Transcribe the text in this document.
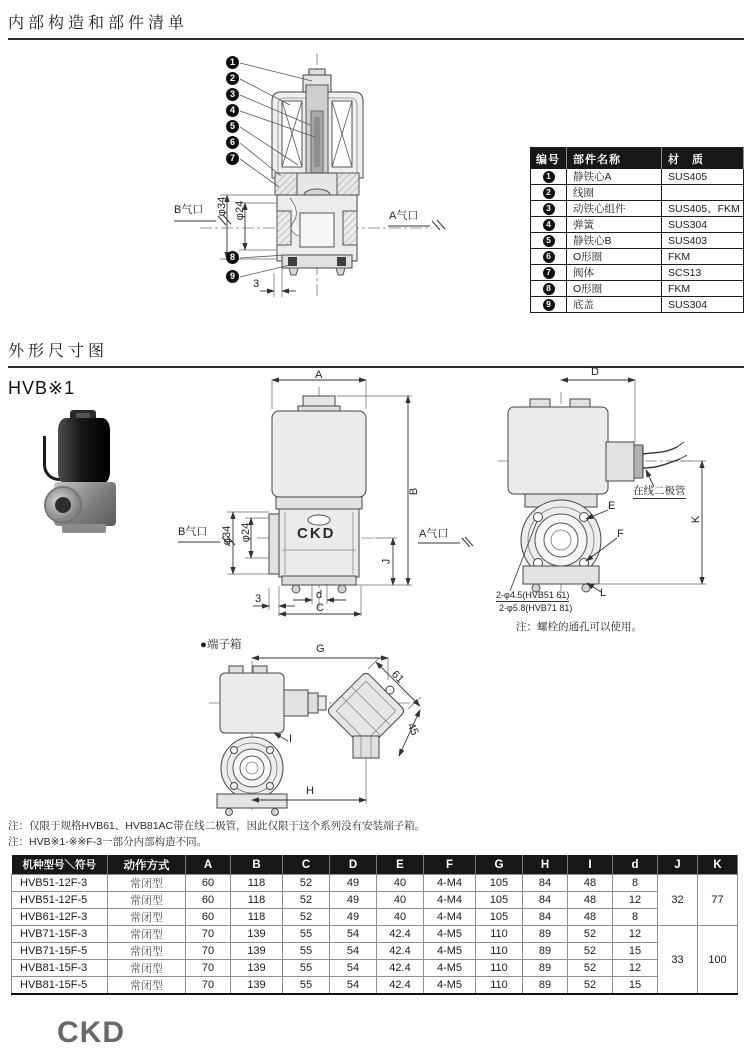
内部构造和部件清单
1
2
3
4
5
6
7
8
9
B气口	A气口
φ34 φ24
3
编号	部件名称	材　质
1	静铁心A	SUS405
2	线圈	
3	动铁心组件	SUS405、FKM
4	弹簧	SUS304
5	静铁心B	SUS403
6	O形圈	FKM
7	阀体	SCS13
8	O形圈	FKM
9	底盖	SUS304
外形尺寸图
HVB※1
A
B
J
B气口	A气口
φ34 φ24
d
C
3
CKD
D
E
F
K
L
在线二极管
2-φ4.5(HVB51 61)
2-φ5.8(HVB71 81)
注：螺栓的通孔可以使用。
●端子箱	G
H
I
61
45
注：仅限于规格HVB61、HVB81AC带在线二极管，因此仅限于这个系列没有安装端子箱。
注：HVB※1-※※F-3一部分内部构造不同。
机种型号＼符号	动作方式	A	B	C	D	E	F	G	H	I	d	J	K
HVB51-12F-3	常闭型	60	118	52	49	40	4-M4	105	84	48	8	32	77
HVB51-12F-5	常闭型	60	118	52	49	40	4-M4	105	84	48	12		
HVB61-12F-3	常闭型	60	118	52	49	40	4-M4	105	84	48	8		
HVB71-15F-3	常闭型	70	139	55	54	42.4	4-M5	110	89	52	12	33	100
HVB71-15F-5	常闭型	70	139	55	54	42.4	4-M5	110	89	52	15		
HVB81-15F-3	常闭型	70	139	55	54	42.4	4-M5	110	89	52	12		
HVB81-15F-5	常闭型	70	139	55	54	42.4	4-M5	110	89	52	15		
CKD
